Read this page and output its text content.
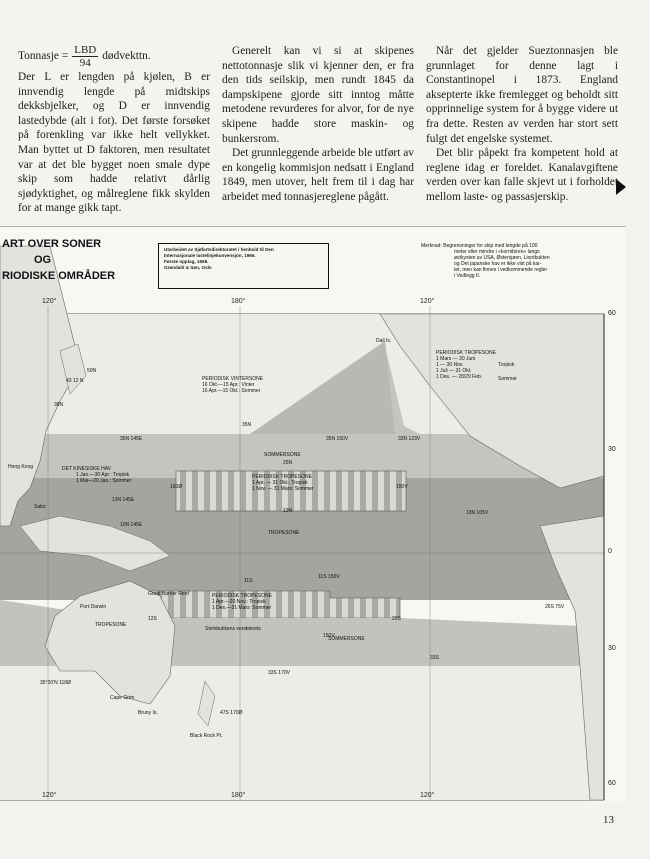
Tonnasje = $\frac{\text{LBD}}{94}$ dødvekttn.

Der L er lengden på kjølen, B er innvendig lengde på midtskips dekksbjelker, og D er innvendig lastedybde (alt i fot). Det første forsøket på forenkling var ikke helt vellykket. Man byttet ut D faktoren, men resultatet var at det ble bygget noen smale dype skip som hadde relativt dårlig sjødyktighet, og målreglene fikk skylden for at mange gikk tapt.

Generelt kan vi si at skipenes nettotonnasje slik vi kjenner den, er fra den tids seilskip, men rundt 1845 da dampskipene gjorde sitt inntog måtte metodene revurderes for alvor, for de nye skipene hadde store maskin- og bunkersrom.

Det grunnleggende arbeide ble utført av en kongelig kommisjon nedsatt i England 1849, men utover, helt frem til i dag har arbeidet med tonnasjereglene pågått.

Når det gjelder Sueztonnasjen ble grunnlaget for denne lagt i Constantinopel i 1873. England aksepterte ikke fremlegget og beholdt sitt opprinnelige system for å bygge videre ut fra dette. Resten av verden har stort sett fulgt det engelske systemet.

Det blir påpekt fra kompetent hold at reglene idag er foreldet. Kanalavgiftene verden over kan falle skjevt ut i forholdet mellom laste- og passasjerskip.

ART OVER SONER
OG
RIODISKE OMRÅDER
Utarbeidet av Sjøfartsdirektoratet i henhold til Den
Internasjonale lastelinjekonvensjon, 1966.
Første opplag, 1968.
Grøndahl & Søn, Oslo
Merknad: Begrensninger for skip med lengde på 100
meter eller mindre i «korridoren» langs
østkysten av USA, Østersjøen, Liontbukten
og Det japanske hav er ikke vist på kar-
tet, men kan finnes i vedkommende regler
i Vedlegg II.
120°	180°	120°
120°	180°	120°
60
30
0
30
60
PERIODISK VINTERSONE
16 Okt.—15 Apr.: Vinter
16 Apr.—15 Okt.: Sommer
PERIODISK TROPESONE
1 Mars — 30 Juni
1 — 30 Nov.
1 Juli — 31 Okt.
1 Des. — 28/29 Feb.
Tropisk
Sommer
SOMMERSONE
PERIODISK TROPESONE
1 Apr. — 31 Okt.: Tropisk
1 Nov. — 31 Mars: Sommer
DET KINESISKE HAV
1 Jan.—30 Apr.: Tropisk
1 Mai—20 Jan.: Sommer
TROPESONE
PERIODISK TROPESONE
1 Apr.—20 Nov.: Tropisk
1 Des.—31 Mars: Sommer
TROPESONE
Great Barrier Reef
Steinbukkens vendekrets
SOMMERSONE
Dall Is.
Hong Kong
Port Darwin
Cape Grim
Bruny Is.
Black Rock Pt.
Sabo
50N
43 12 N
38N
35N 145E	35N 150V	33N 123V
25N
13N 145E
10N 145E
13N	13N 105V
11S
11S 150V
12S	20S
26S 75V
33S
33S 170V
35°30'N 118Ø
47S 170Ø
150V
160Ø	150V
35N
13
